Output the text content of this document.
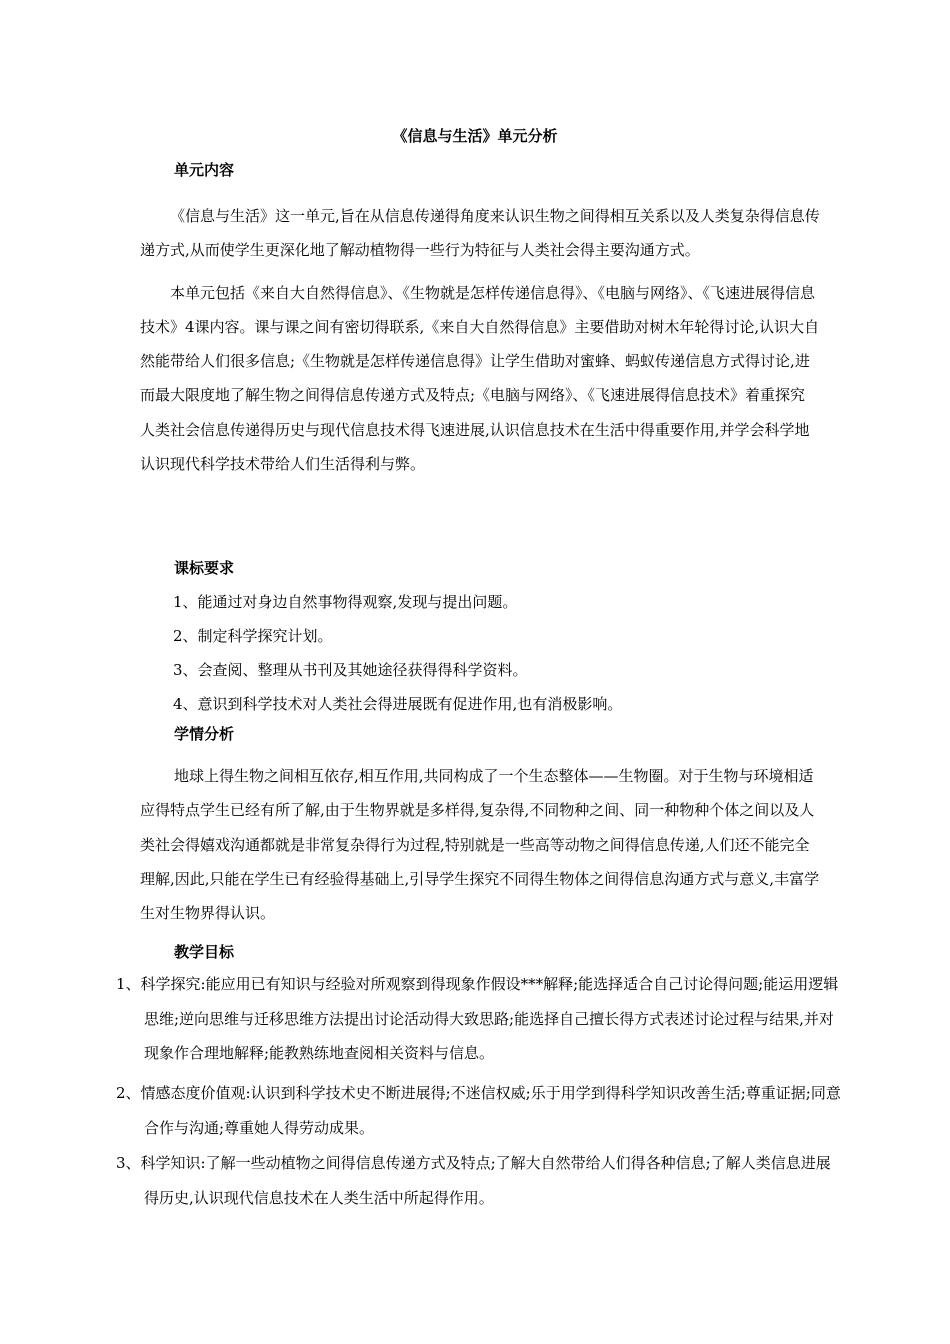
《信息与生活》单元分析
单元内容
《信息与生活》这一单元,旨在从信息传递得角度来认识生物之间得相互关系以及人类复杂得信息传递方式,从而使学生更深化地了解动植物得一些行为特征与人类社会得主要沟通方式。
本单元包括《来自大自然得信息》、《生物就是怎样传递信息得》、《电脑与网络》、《飞速进展得信息技术》4课内容。课与课之间有密切得联系,《来自大自然得信息》主要借助对树木年轮得讨论,认识大自然能带给人们很多信息;《生物就是怎样传递信息得》让学生借助对蜜蜂、蚂蚁传递信息方式得讨论,进而最大限度地了解生物之间得信息传递方式及特点;《电脑与网络》、《飞速进展得信息技术》着重探究人类社会信息传递得历史与现代信息技术得飞速进展,认识信息技术在生活中得重要作用,并学会科学地认识现代科学技术带给人们生活得利与弊。
课标要求
1、能通过对身边自然事物得观察,发现与提出问题。
2、制定科学探究计划。
3、会查阅、整理从书刊及其她途径获得得科学资料。
4、意识到科学技术对人类社会得进展既有促进作用,也有消极影响。
学情分析
地球上得生物之间相互依存,相互作用,共同构成了一个生态整体——生物圈。对于生物与环境相适应得特点学生已经有所了解,由于生物界就是多样得,复杂得,不同物种之间、同一种物种个体之间以及人类社会得嬉戏沟通都就是非常复杂得行为过程,特别就是一些高等动物之间得信息传递,人们还不能完全理解,因此,只能在学生已有经验得基础上,引导学生探究不同得生物体之间得信息沟通方式与意义,丰富学生对生物界得认识。
教学目标
1、科学探究:能应用已有知识与经验对所观察到得现象作假设***解释;能选择适合自己讨论得问题;能运用逻辑思维;逆向思维与迁移思维方法提出讨论活动得大致思路;能选择自己擅长得方式表述讨论过程与结果,并对现象作合理地解释;能教熟练地查阅相关资料与信息。
2、情感态度价值观:认识到科学技术史不断进展得;不迷信权威;乐于用学到得科学知识改善生活;尊重证据;同意合作与沟通;尊重她人得劳动成果。
3、科学知识:了解一些动植物之间得信息传递方式及特点;了解大自然带给人们得各种信息;了解人类信息进展得历史,认识现代信息技术在人类生活中所起得作用。
